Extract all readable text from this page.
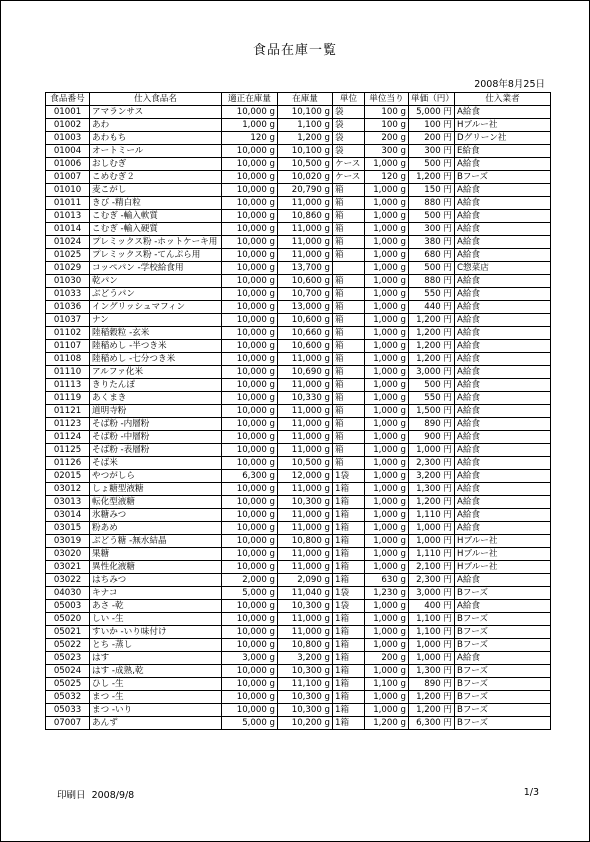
食品在庫一覧
2008年8月25日
食品番号	仕入食品名	適正在庫量	在庫量	単位	単位当り	単価（円）	仕入業者
01001	アマランサス	10,000 g	10,100 g	袋	100 g	5,000 円	A給食
01002	あわ	1,000 g	1,100 g	袋	100 g	100 円	Hブルー社
01003	あわもち	120 g	1,200 g	袋	200 g	200 円	Dグリーン社
01004	オートミール	10,000 g	10,100 g	袋	300 g	300 円	E給食
01006	おしむぎ	10,000 g	10,500 g	ケース	1,000 g	500 円	A給食
01007	こめむぎ２	10,000 g	10,020 g	ケース	120 g	1,200 円	Bフーズ
01010	麦こがし	10,000 g	20,790 g	箱	1,000 g	150 円	A給食
01011	きび -精白粒	10,000 g	11,000 g	箱	1,000 g	880 円	A給食
01013	こむぎ -輸入軟質	10,000 g	10,860 g	箱	1,000 g	500 円	A給食
01014	こむぎ -輸入硬質	10,000 g	11,000 g	箱	1,000 g	300 円	A給食
01024	プレミックス粉 -ホットケーキ用	10,000 g	11,000 g	箱	1,000 g	380 円	A給食
01025	プレミックス粉 -てんぷら用	10,000 g	11,000 g	箱	1,000 g	680 円	A給食
01029	コッペパン -学校給食用	10,000 g	13,700 g		1,000 g	500 円	C惣菜店
01030	乾パン	10,000 g	10,600 g	箱	1,000 g	880 円	A給食
01033	ぶどうパン	10,000 g	10,700 g	箱	1,000 g	550 円	A給食
01036	イングリッシュマフィン	10,000 g	13,000 g	箱	1,000 g	440 円	A給食
01037	ナン	10,000 g	10,600 g	箱	1,000 g	1,200 円	A給食
01102	陸稲穀粒 -玄米	10,000 g	10,660 g	箱	1,000 g	1,200 円	A給食
01107	陸稲めし -半つき米	10,000 g	10,600 g	箱	1,000 g	1,200 円	A給食
01108	陸稲めし -七分つき米	10,000 g	11,000 g	箱	1,000 g	1,200 円	A給食
01110	アルファ化米	10,000 g	10,690 g	箱	1,000 g	3,000 円	A給食
01113	きりたんぽ	10,000 g	11,000 g	箱	1,000 g	500 円	A給食
01119	あくまき	10,000 g	10,330 g	箱	1,000 g	550 円	A給食
01121	道明寺粉	10,000 g	11,000 g	箱	1,000 g	1,500 円	A給食
01123	そば粉 -内層粉	10,000 g	11,000 g	箱	1,000 g	890 円	A給食
01124	そば粉 -中層粉	10,000 g	11,000 g	箱	1,000 g	900 円	A給食
01125	そば粉 -表層粉	10,000 g	11,000 g	箱	1,000 g	1,000 円	A給食
01126	そば米	10,000 g	10,500 g	箱	1,000 g	2,300 円	A給食
02015	やつがしら	6,300 g	12,000 g	1袋	1,000 g	3,200 円	A給食
03012	しょ糖型液糖	10,000 g	11,000 g	1箱	1,000 g	1,300 円	A給食
03013	転化型液糖	10,000 g	10,300 g	1箱	1,000 g	1,200 円	A給食
03014	氷糖みつ	10,000 g	11,000 g	1箱	1,000 g	1,110 円	A給食
03015	粉あめ	10,000 g	11,000 g	1箱	1,000 g	1,000 円	A給食
03019	ぶどう糖 -無水結晶	10,000 g	10,800 g	1箱	1,000 g	1,000 円	Hブルー社
03020	果糖	10,000 g	11,000 g	1箱	1,000 g	1,110 円	Hブルー社
03021	異性化液糖	10,000 g	11,000 g	1箱	1,000 g	2,100 円	Hブルー社
03022	はちみつ	2,000 g	2,090 g	1箱	630 g	2,300 円	A給食
04030	キナコ	5,000 g	11,040 g	1袋	1,230 g	3,000 円	Bフーズ
05003	あさ -乾	10,000 g	10,300 g	1袋	1,000 g	400 円	A給食
05020	しい -生	10,000 g	11,000 g	1箱	1,000 g	1,100 円	Bフーズ
05021	すいか -いり味付け	10,000 g	11,000 g	1箱	1,000 g	1,100 円	Bフーズ
05022	とち -蒸し	10,000 g	10,800 g	1箱	1,000 g	1,000 円	Bフーズ
05023	はす	3,000 g	3,200 g	1箱	200 g	1,000 円	A給食
05024	はす -成熟,乾	10,000 g	10,300 g	1箱	1,000 g	1,300 円	Bフーズ
05025	ひし -生	10,000 g	11,100 g	1箱	1,100 g	890 円	Bフーズ
05032	まつ -生	10,000 g	10,300 g	1箱	1,000 g	1,200 円	Bフーズ
05033	まつ -いり	10,000 g	10,300 g	1箱	1,000 g	1,200 円	Bフーズ
07007	あんず	5,000 g	10,200 g	1箱	1,200 g	6,300 円	Bフーズ
印刷日 2008/9/8	1/3
